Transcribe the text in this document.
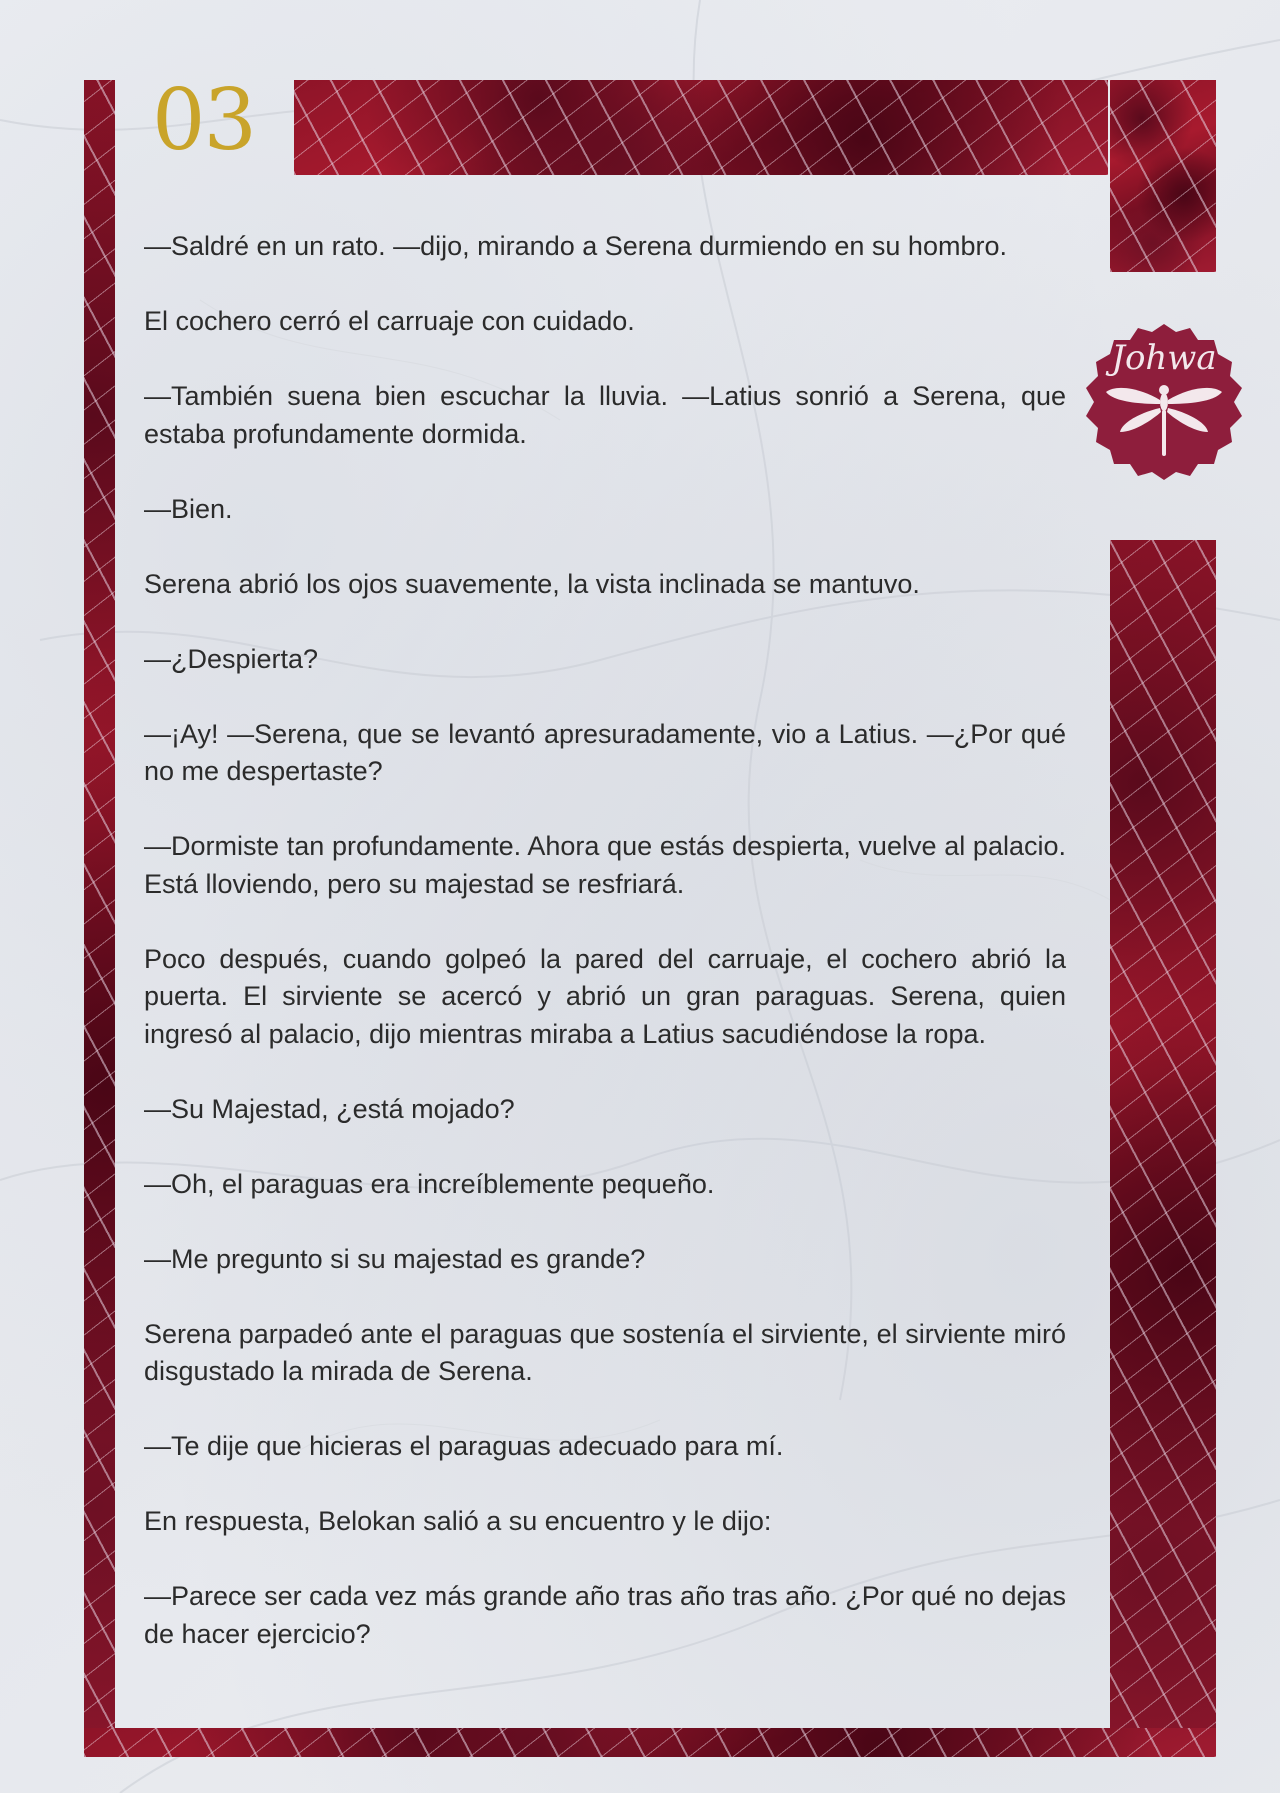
03
Johwa

—Saldré en un rato. —dijo, mirando a Serena durmiendo en su hombro.

El cochero cerró el carruaje con cuidado.

—También suena bien escuchar la lluvia. —Latius sonrió a Serena, que estaba profundamente dormida.

—Bien.

Serena abrió los ojos suavemente, la vista inclinada se mantuvo.

—¿Despierta?

—¡Ay! —Serena, que se levantó apresuradamente, vio a Latius. —¿Por qué no me despertaste?

—Dormiste tan profundamente. Ahora que estás despierta, vuelve al palacio. Está lloviendo, pero su majestad se resfriará.

Poco después, cuando golpeó la pared del carruaje, el cochero abrió la puerta. El sirviente se acercó y abrió un gran paraguas. Serena, quien ingresó al palacio, dijo mientras miraba a Latius sacudiéndose la ropa.

—Su Majestad, ¿está mojado?

—Oh, el paraguas era increíblemente pequeño.

—Me pregunto si su majestad es grande?

Serena parpadeó ante el paraguas que sostenía el sirviente, el sirviente miró disgustado la mirada de Serena.

—Te dije que hicieras el paraguas adecuado para mí.

En respuesta, Belokan salió a su encuentro y le dijo:

—Parece ser cada vez más grande año tras año tras año. ¿Por qué no dejas de hacer ejercicio?
